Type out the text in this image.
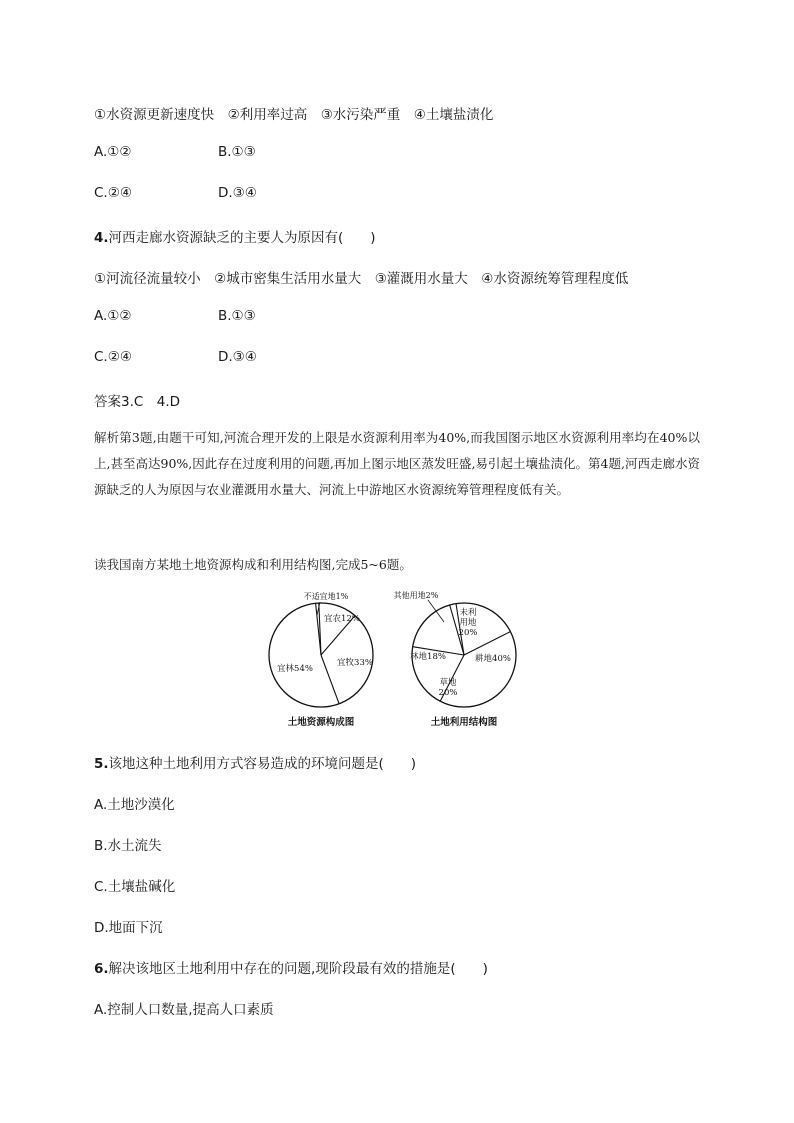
①水资源更新速度快　②利用率过高　③水污染严重　④土壤盐渍化
A.①②	B.①③
C.②④	D.③④
4.河西走廊水资源缺乏的主要人为原因有(　　)
①河流径流量较小　②城市密集生活用水量大　③灌溉用水量大　④水资源统筹管理程度低
A.①②	B.①③
C.②④	D.③④
答案3.C　4.D
解析第3题,由题干可知,河流合理开发的上限是水资源利用率为40%,而我国图示地区水资源利用率均在40%以上,甚至高达90%,因此存在过度利用的问题,再加上图示地区蒸发旺盛,易引起土壤盐渍化。第4题,河西走廊水资源缺乏的人为原因与农业灌溉用水量大、河流上中游地区水资源统筹管理程度低有关。
读我国南方某地土地资源构成和利用结构图,完成5~6题。
不适宜地1%
宜农12%
宜牧33%
宜林54%
土地资源构成图
其他用地2%
未利用地 20%
耕地40%
草地 20%
林地18%
土地利用结构图
5.该地这种土地利用方式容易造成的环境问题是(　　)
A.土地沙漠化
B.水土流失
C.土壤盐碱化
D.地面下沉
6.解决该地区土地利用中存在的问题,现阶段最有效的措施是(　　)
A.控制人口数量,提高人口素质
